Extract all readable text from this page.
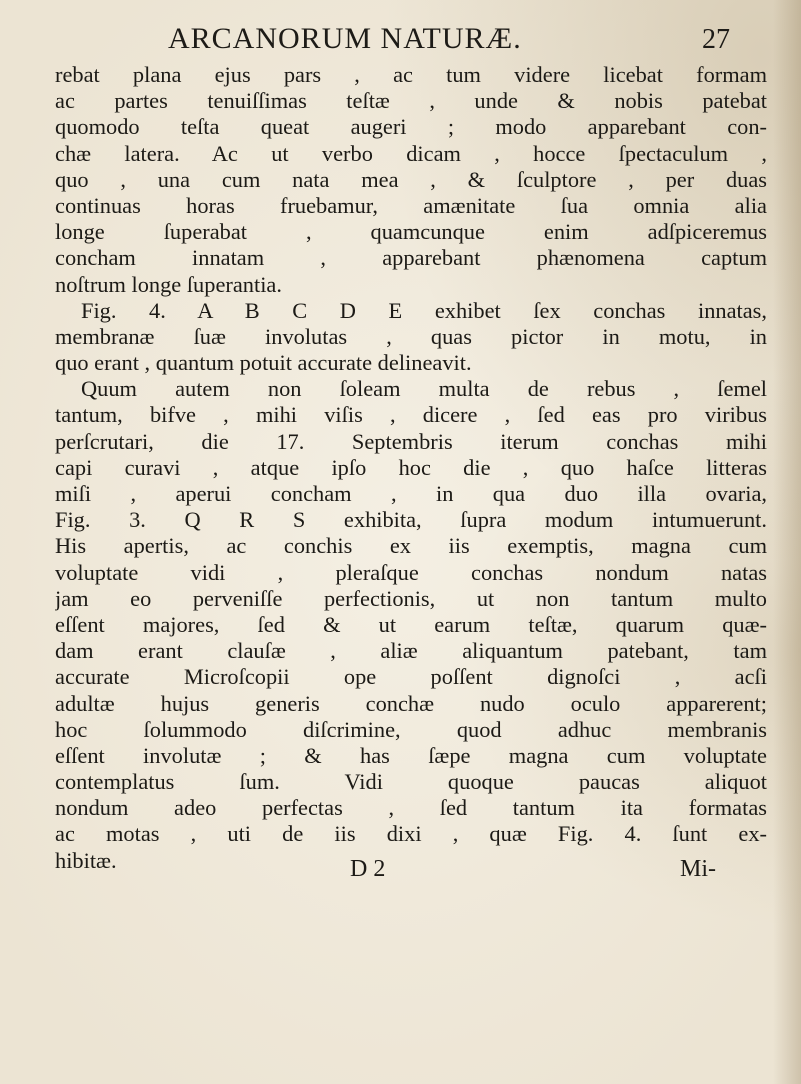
ARCANORUM NATURÆ.	27
rebat plana ejus pars , ac tum videre licebat formam
ac partes tenuiſſimas teſtæ , unde & nobis patebat
quomodo teſta queat augeri ; modo apparebant con-
chæ latera. Ac ut verbo dicam , hocce ſpectaculum ,
quo , una cum nata mea , & ſculptore , per duas
continuas horas fruebamur, amænitate ſua omnia alia
longe ſuperabat , quamcunque enim adſpiceremus
concham innatam , apparebant phænomena captum
noſtrum longe ſuperantia.
Fig. 4. A B C D E exhibet ſex conchas innatas,
membranæ ſuæ involutas , quas pictor in motu, in
quo erant , quantum potuit accurate delineavit.
Quum autem non ſoleam multa de rebus , ſemel
tantum, bifve , mihi viſis , dicere , ſed eas pro viribus
perſcrutari, die 17. Septembris iterum conchas mihi
capi curavi , atque ipſo hoc die , quo haſce litteras
miſi , aperui concham , in qua duo illa ovaria,
Fig. 3. Q R S exhibita, ſupra modum intumuerunt.
His apertis, ac conchis ex iis exemptis, magna cum
voluptate vidi , pleraſque conchas nondum natas
jam eo perveniſſe perfectionis, ut non tantum multo
eſſent majores, ſed & ut earum teſtæ, quarum quæ-
dam erant clauſæ , aliæ aliquantum patebant, tam
accurate Microſcopii ope poſſent dignoſci , acſi
adultæ hujus generis conchæ nudo oculo apparerent;
hoc ſolummodo diſcrimine, quod adhuc membranis
eſſent involutæ ; & has ſæpe magna cum voluptate
contemplatus ſum. Vidi quoque paucas aliquot
nondum adeo perfectas , ſed tantum ita formatas
ac motas , uti de iis dixi , quæ Fig. 4. ſunt ex-
hibitæ.	D 2	Mi-
